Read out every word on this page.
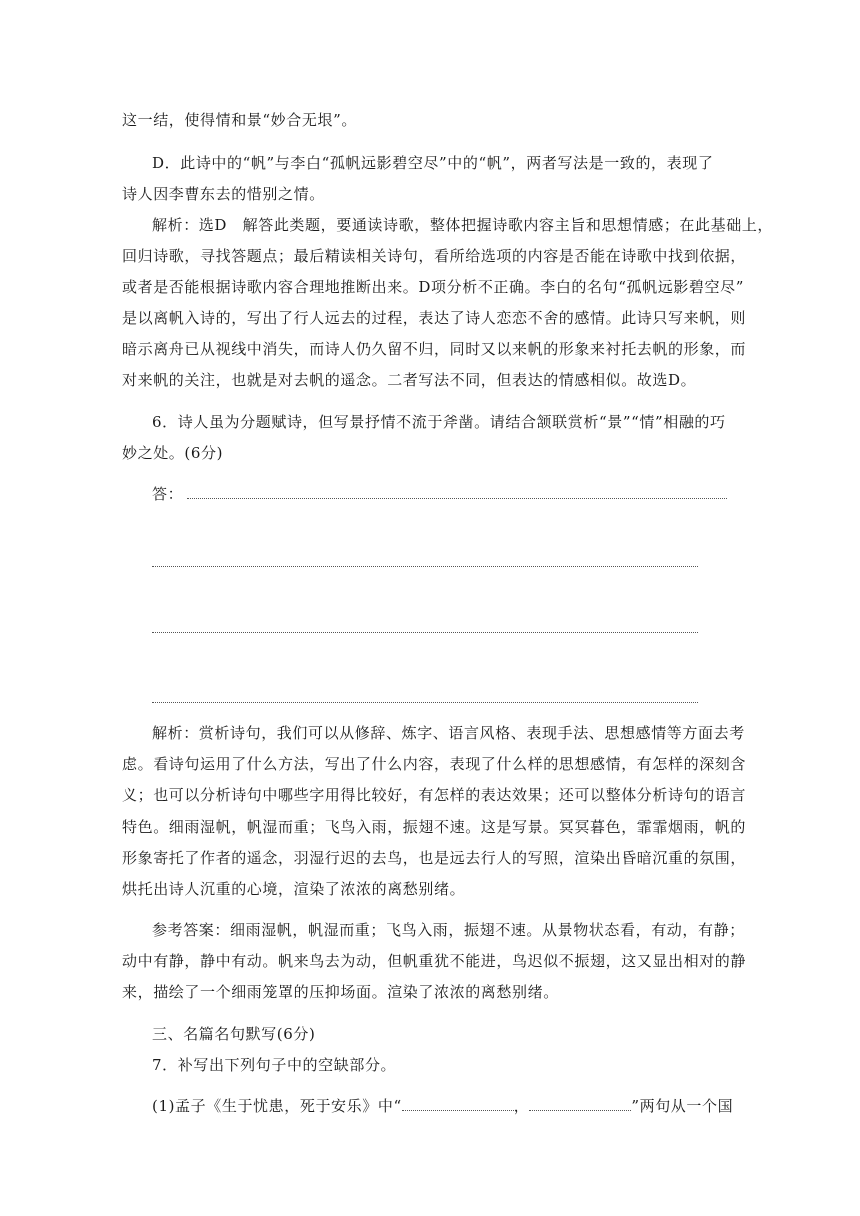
这一结，使得情和景“妙合无垠”。
D．此诗中的“帆”与李白“孤帆远影碧空尽”中的“帆”，两者写法是一致的，表现了
诗人因李曹东去的惜别之情。
解析：选D　解答此类题，要通读诗歌，整体把握诗歌内容主旨和思想情感；在此基础上，
回归诗歌，寻找答题点；最后精读相关诗句，看所给选项的内容是否能在诗歌中找到依据，
或者是否能根据诗歌内容合理地推断出来。D项分析不正确。李白的名句“孤帆远影碧空尽”
是以离帆入诗的，写出了行人远去的过程，表达了诗人恋恋不舍的感情。此诗只写来帆，则
暗示离舟已从视线中消失，而诗人仍久留不归，同时又以来帆的形象来衬托去帆的形象，而
对来帆的关注，也就是对去帆的遥念。二者写法不同，但表达的情感相似。故选D。
6．诗人虽为分题赋诗，但写景抒情不流于斧凿。请结合颔联赏析“景”“情”相融的巧
妙之处。(6分)
答：
解析：赏析诗句，我们可以从修辞、炼字、语言风格、表现手法、思想感情等方面去考
虑。看诗句运用了什么方法，写出了什么内容，表现了什么样的思想感情，有怎样的深刻含
义；也可以分析诗句中哪些字用得比较好，有怎样的表达效果；还可以整体分析诗句的语言
特色。细雨湿帆，帆湿而重；飞鸟入雨，振翅不速。这是写景。冥冥暮色，霏霏烟雨，帆的
形象寄托了作者的遥念，羽湿行迟的去鸟，也是远去行人的写照，渲染出昏暗沉重的氛围，
烘托出诗人沉重的心境，渲染了浓浓的离愁别绪。
参考答案：细雨湿帆，帆湿而重；飞鸟入雨，振翅不速。从景物状态看，有动，有静；
动中有静，静中有动。帆来鸟去为动，但帆重犹不能进，鸟迟似不振翅，这又显出相对的静
来，描绘了一个细雨笼罩的压抑场面。渲染了浓浓的离愁别绪。
三、名篇名句默写(6分)
7．补写出下列句子中的空缺部分。
(1)孟子《生于忧患，死于安乐》中“	，	”两句从一个国
